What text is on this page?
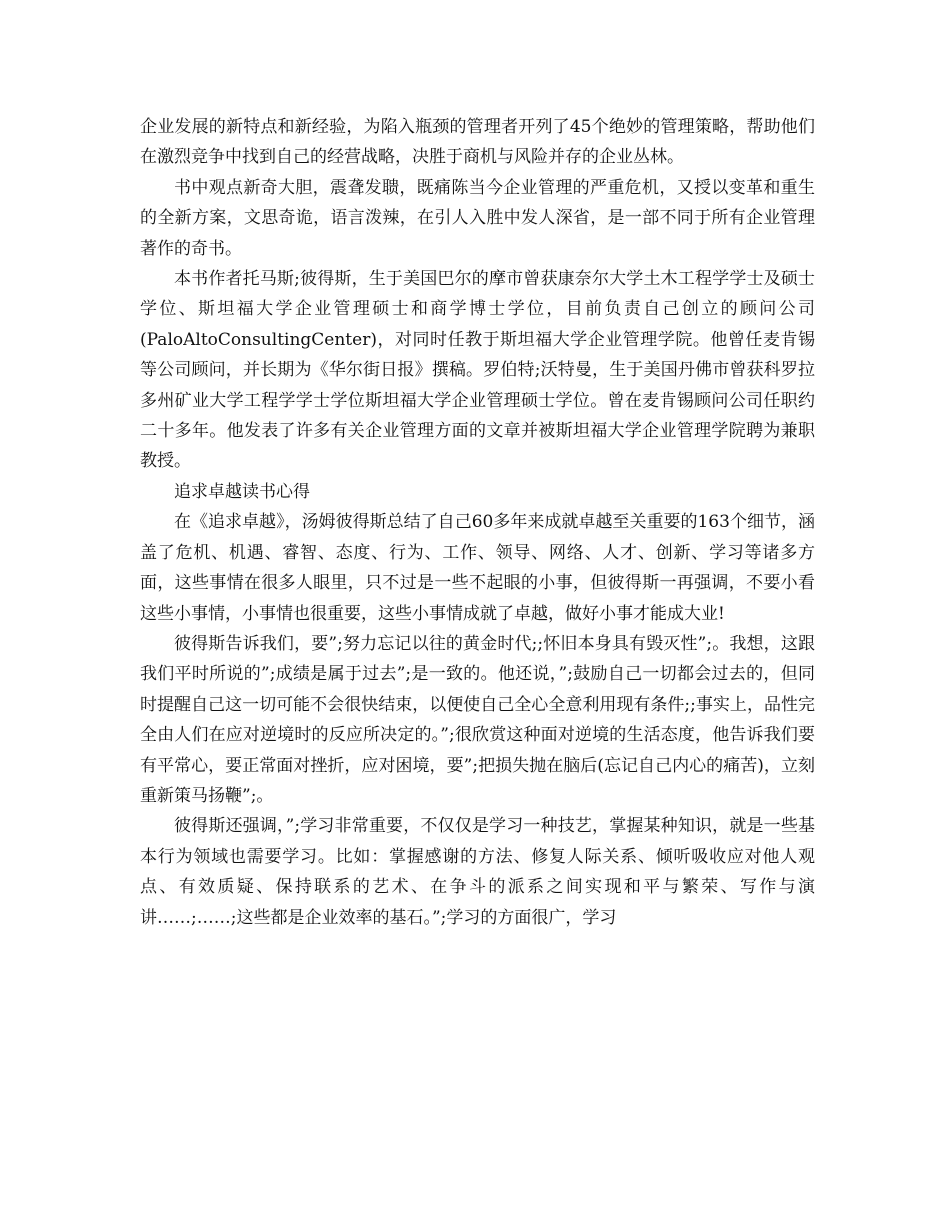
企业发展的新特点和新经验，为陷入瓶颈的管理者开列了45个绝妙的管理策略，帮助他们在激烈竞争中找到自己的经营战略，决胜于商机与风险并存的企业丛林。

书中观点新奇大胆，震聋发聩，既痛陈当今企业管理的严重危机，又授以变革和重生的全新方案，文思奇诡，语言泼辣，在引人入胜中发人深省，是一部不同于所有企业管理著作的奇书。

本书作者托马斯;彼得斯，生于美国巴尔的摩市曾获康奈尔大学土木工程学学士及硕士学位、斯坦福大学企业管理硕士和商学博士学位，目前负责自己创立的顾问公司(PaloAltoConsultingCenter)，对同时任教于斯坦福大学企业管理学院。他曾任麦肯锡等公司顾问，并长期为《华尔街日报》撰稿。罗伯特;沃特曼，生于美国丹佛市曾获科罗拉多州矿业大学工程学学士学位斯坦福大学企业管理硕士学位。曾在麦肯锡顾问公司任职约二十多年。他发表了许多有关企业管理方面的文章并被斯坦福大学企业管理学院聘为兼职教授。

追求卓越读书心得

在《追求卓越》，汤姆彼得斯总结了自己60多年来成就卓越至关重要的163个细节，涵盖了危机、机遇、睿智、态度、行为、工作、领导、网络、人才、创新、学习等诸多方面，这些事情在很多人眼里，只不过是一些不起眼的小事，但彼得斯一再强调，不要小看这些小事情，小事情也很重要，这些小事情成就了卓越，做好小事才能成大业!

彼得斯告诉我们，要”;努力忘记以往的黄金时代;;怀旧本身具有毁灭性”;。我想，这跟我们平时所说的”;成绩是属于过去”;是一致的。他还说，”;鼓励自己一切都会过去的，但同时提醒自己这一切可能不会很快结束，以便使自己全心全意利用现有条件;;事实上，品性完全由人们在应对逆境时的反应所决定的。”;很欣赏这种面对逆境的生活态度，他告诉我们要有平常心，要正常面对挫折，应对困境，要”;把损失抛在脑后(忘记自己内心的痛苦)，立刻重新策马扬鞭”;。

彼得斯还强调，”;学习非常重要，不仅仅是学习一种技艺，掌握某种知识，就是一些基本行为领域也需要学习。比如：掌握感谢的方法、修复人际关系、倾听吸收应对他人观点、有效质疑、保持联系的艺术、在争斗的派系之间实现和平与繁荣、写作与演讲……;……;这些都是企业效率的基石。”;学习的方面很广，学习
